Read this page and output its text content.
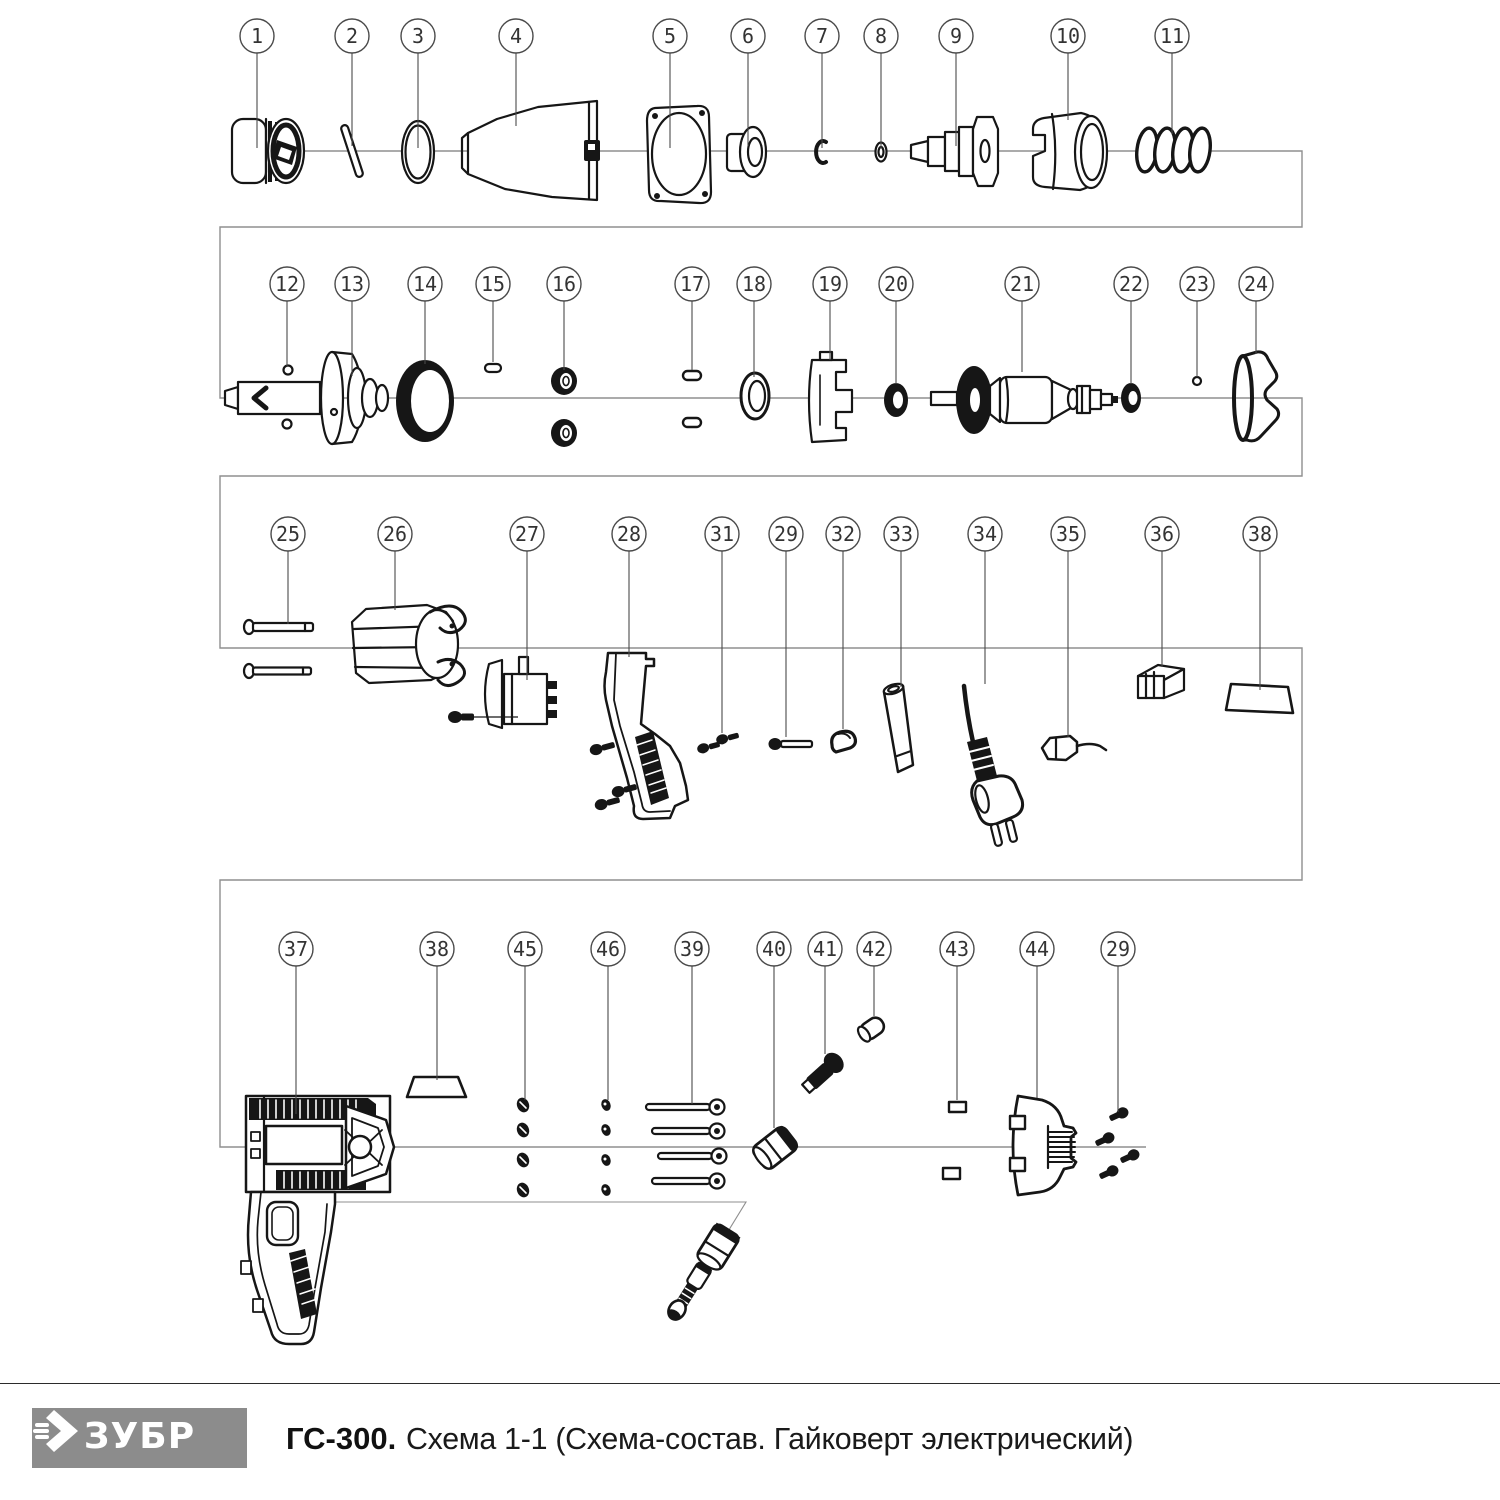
1	2	3	4	5	6	7 8	9	10	11
12 13 14 15 16	17 18	19 20	21	22 23 24
25	26	27	28	31 29 32 33	34	35	36	38
37	38	45	46	39	40 41 42	43	44	29
ЗУБР	ГС-300. Схема 1-1 (Схема-состав. Гайковерт электрический)
